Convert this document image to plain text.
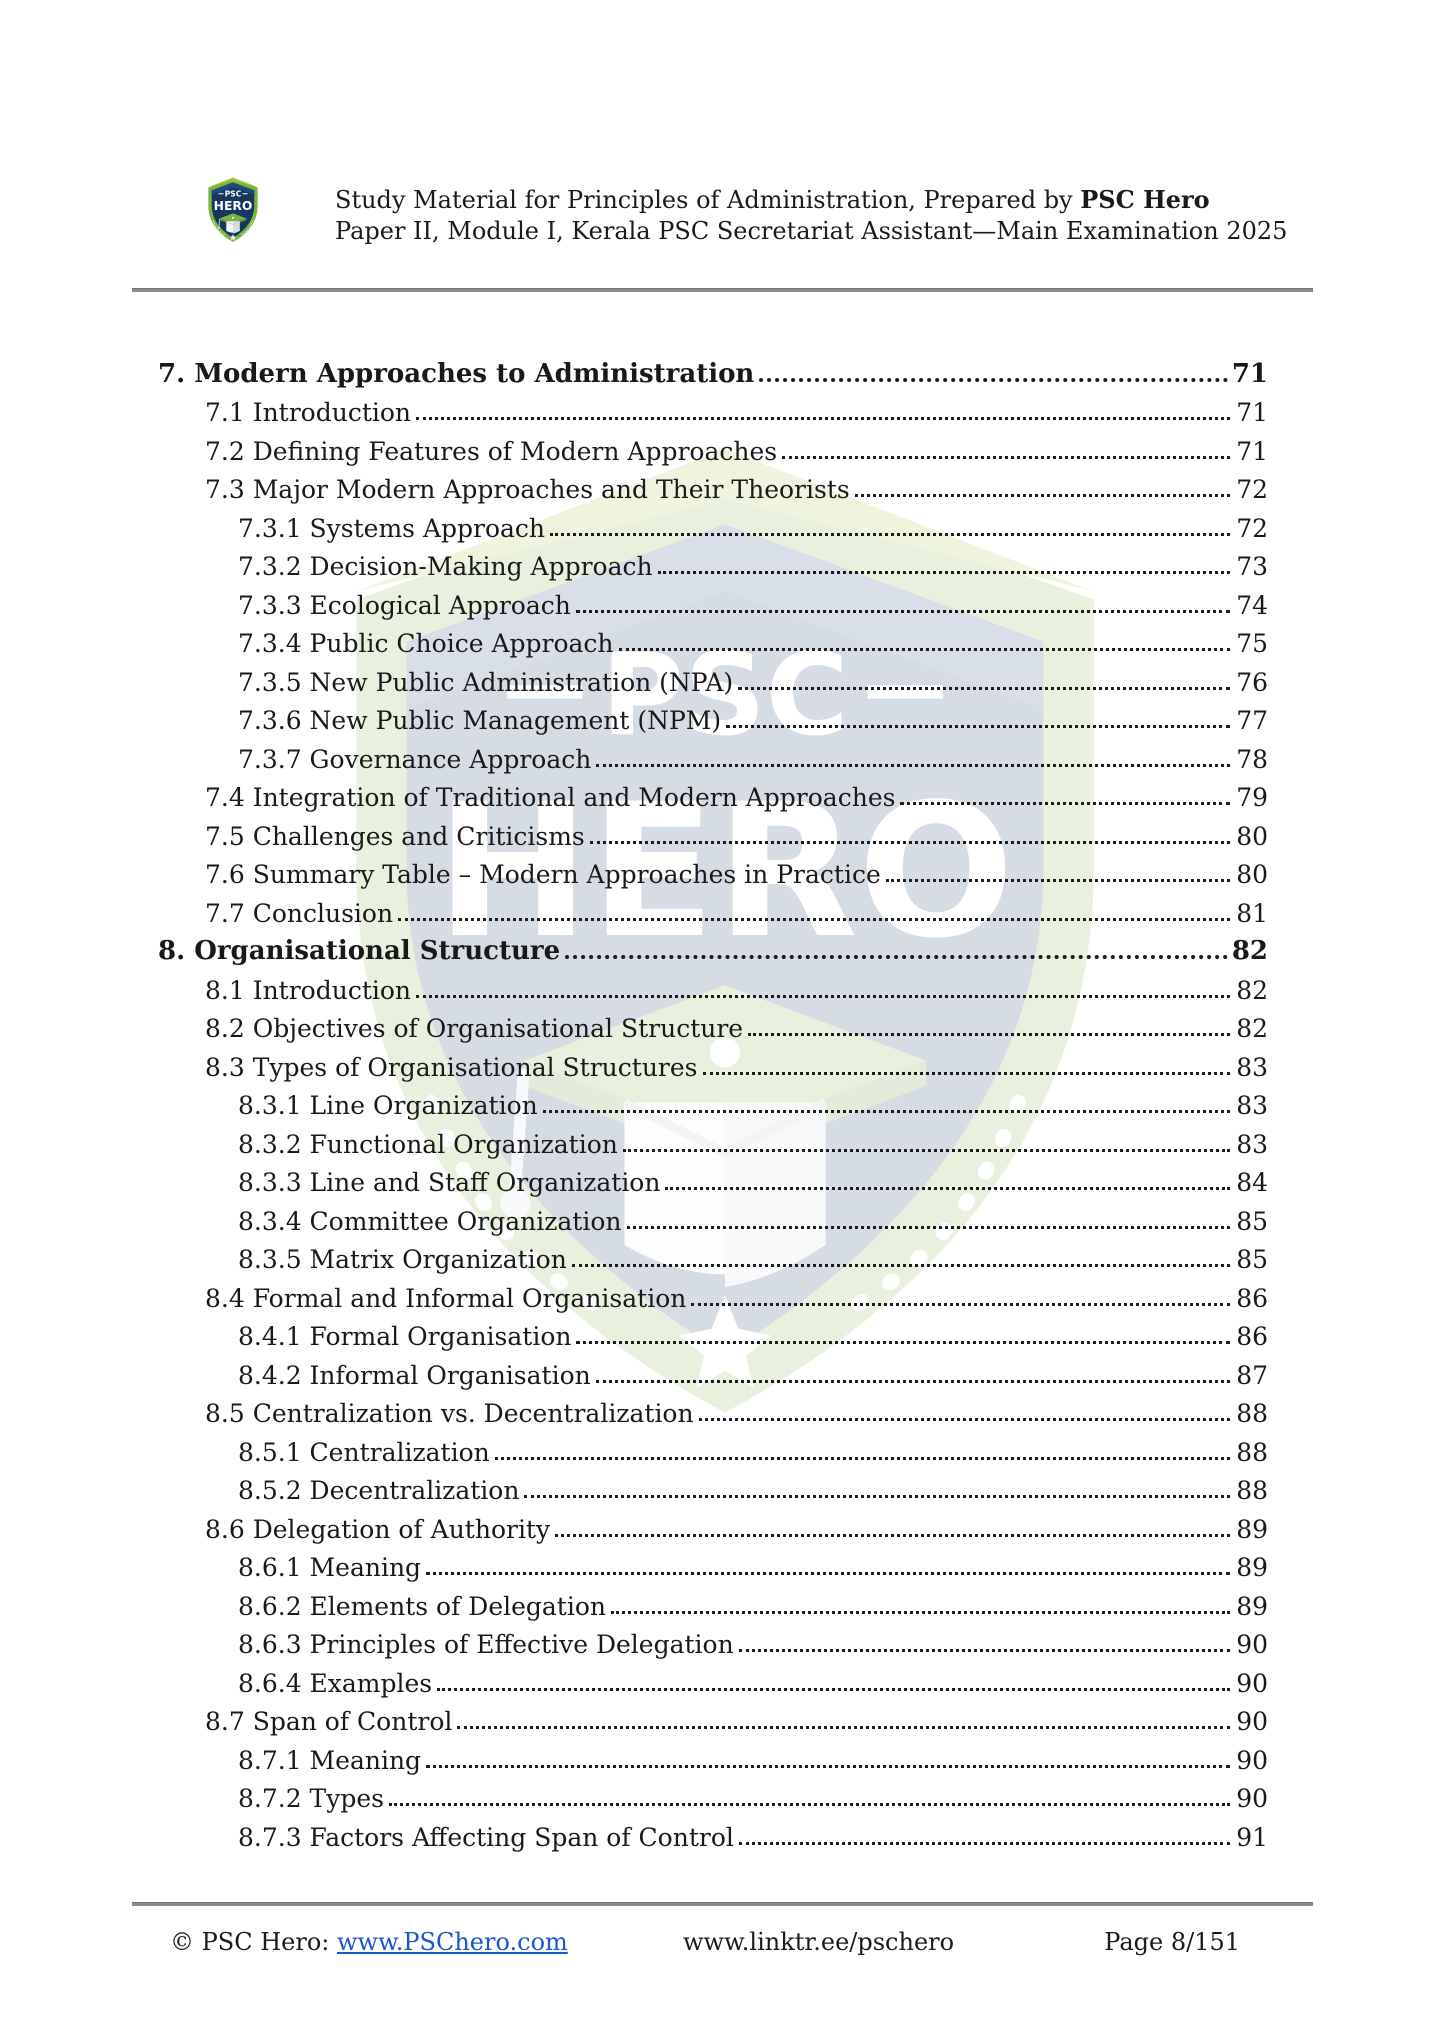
Study Material for Principles of Administration, Prepared by PSC Hero
Paper II, Module I, Kerala PSC Secretariat Assistant—Main Examination 2025
7. Modern Approaches to Administration	71
7.1 Introduction	71
7.2 Defining Features of Modern Approaches	71
7.3 Major Modern Approaches and Their Theorists	72
7.3.1 Systems Approach	72
7.3.2 Decision-Making Approach	73
7.3.3 Ecological Approach	74
7.3.4 Public Choice Approach	75
7.3.5 New Public Administration (NPA)	76
7.3.6 New Public Management (NPM)	77
7.3.7 Governance Approach	78
7.4 Integration of Traditional and Modern Approaches	79
7.5 Challenges and Criticisms	80
7.6 Summary Table – Modern Approaches in Practice	80
7.7 Conclusion	81
8. Organisational Structure	82
8.1 Introduction	82
8.2 Objectives of Organisational Structure	82
8.3 Types of Organisational Structures	83
8.3.1 Line Organization	83
8.3.2 Functional Organization	83
8.3.3 Line and Staff Organization	84
8.3.4 Committee Organization	85
8.3.5 Matrix Organization	85
8.4 Formal and Informal Organisation	86
8.4.1 Formal Organisation	86
8.4.2 Informal Organisation	87
8.5 Centralization vs. Decentralization	88
8.5.1 Centralization	88
8.5.2 Decentralization	88
8.6 Delegation of Authority	89
8.6.1 Meaning	89
8.6.2 Elements of Delegation	89
8.6.3 Principles of Effective Delegation	90
8.6.4 Examples	90
8.7 Span of Control	90
8.7.1 Meaning	90
8.7.2 Types	90
8.7.3 Factors Affecting Span of Control	91
© PSC Hero: www.PSChero.com	www.linktr.ee/pschero	Page 8/151
